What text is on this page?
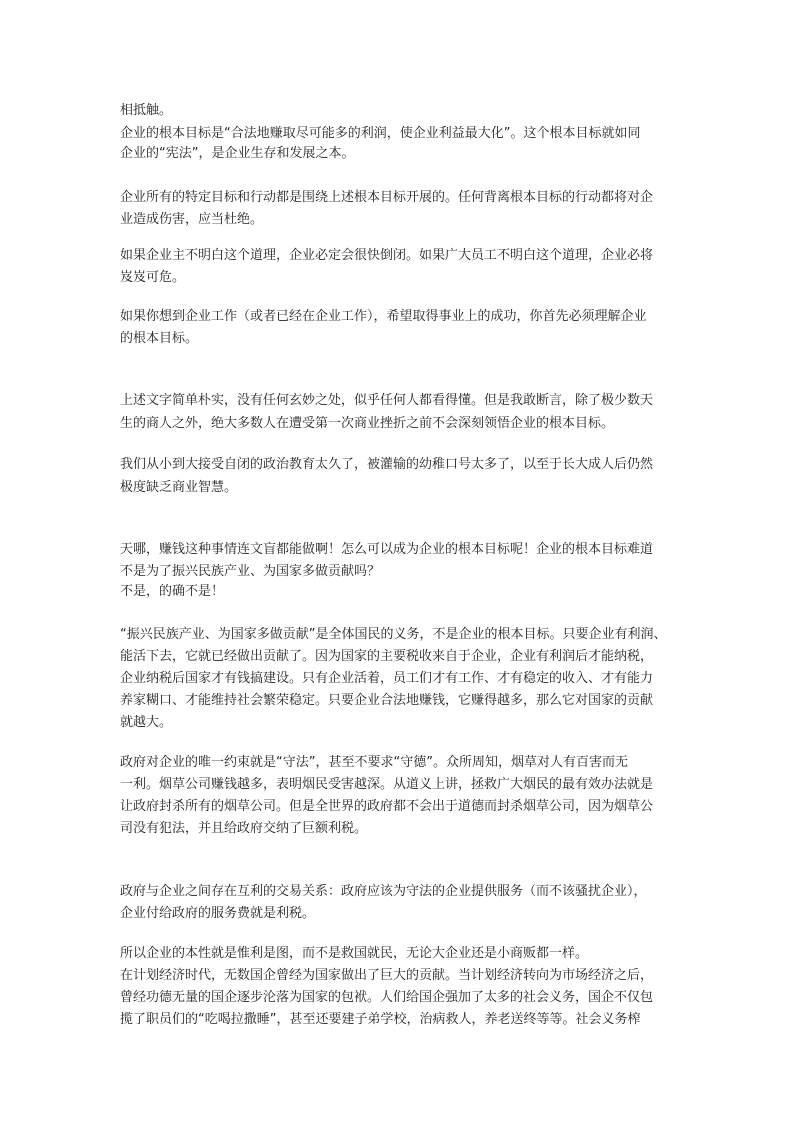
相抵触。
企业的根本目标是“合法地赚取尽可能多的利润，使企业利益最大化”。这个根本目标就如同
企业的“宪法”，是企业生存和发展之本。
企业所有的特定目标和行动都是围绕上述根本目标开展的。任何背离根本目标的行动都将对企
业造成伤害，应当杜绝。
如果企业主不明白这个道理，企业必定会很快倒闭。如果广大员工不明白这个道理，企业必将
岌岌可危。
如果你想到企业工作（或者已经在企业工作），希望取得事业上的成功，你首先必须理解企业
的根本目标。
上述文字简单朴实，没有任何玄妙之处，似乎任何人都看得懂。但是我敢断言，除了极少数天
生的商人之外，绝大多数人在遭受第一次商业挫折之前不会深刻领悟企业的根本目标。
我们从小到大接受自闭的政治教育太久了，被灌输的幼稚口号太多了，以至于长大成人后仍然
极度缺乏商业智慧。
天哪，赚钱这种事情连文盲都能做啊！怎么可以成为企业的根本目标呢！企业的根本目标难道
不是为了振兴民族产业、为国家多做贡献吗？
不是，的确不是！
“振兴民族产业、为国家多做贡献”是全体国民的义务，不是企业的根本目标。只要企业有利润、
能活下去，它就已经做出贡献了。因为国家的主要税收来自于企业，企业有利润后才能纳税，
企业纳税后国家才有钱搞建设。只有企业活着，员工们才有工作、才有稳定的收入、才有能力
养家糊口、才能维持社会繁荣稳定。只要企业合法地赚钱，它赚得越多，那么它对国家的贡献
就越大。
政府对企业的唯一约束就是“守法”，甚至不要求“守德”。众所周知，烟草对人有百害而无
一利。烟草公司赚钱越多，表明烟民受害越深。从道义上讲，拯救广大烟民的最有效办法就是
让政府封杀所有的烟草公司。但是全世界的政府都不会出于道德而封杀烟草公司，因为烟草公
司没有犯法，并且给政府交纳了巨额利税。
政府与企业之间存在互利的交易关系：政府应该为守法的企业提供服务（而不该骚扰企业），
企业付给政府的服务费就是利税。
所以企业的本性就是惟利是图，而不是救国就民，无论大企业还是小商贩都一样。
在计划经济时代，无数国企曾经为国家做出了巨大的贡献。当计划经济转向为市场经济之后，
曾经功德无量的国企逐步沦落为国家的包袱。人们给国企强加了太多的社会义务，国企不仅包
揽了职员们的“吃喝拉撒睡”，甚至还要建子弟学校，治病救人，养老送终等等。社会义务榨
